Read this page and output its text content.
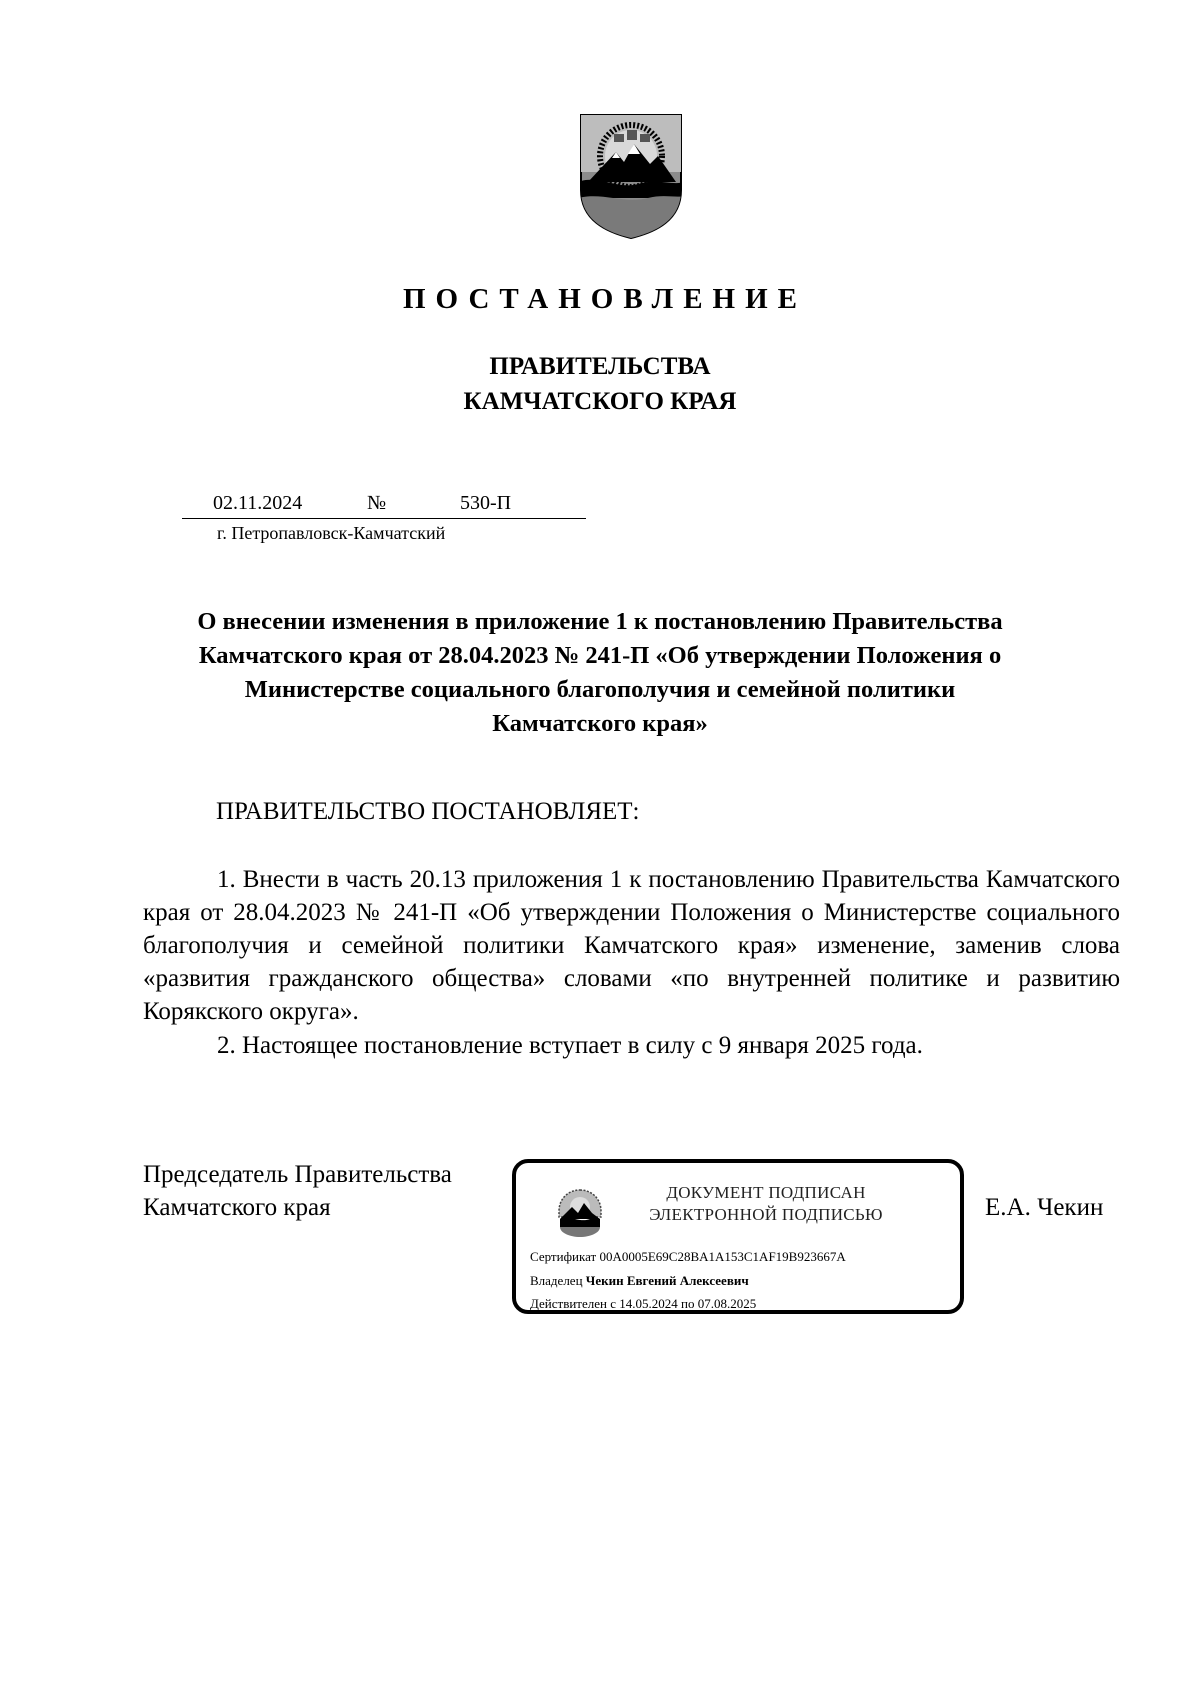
ПОСТАНОВЛЕНИЕ
ПРАВИТЕЛЬСТВА
КАМЧАТСКОГО КРАЯ
02.11.2024	№	530-П
г. Петропавловск-Камчатский
О внесении изменения в приложение 1 к постановлению Правительства
Камчатского края от 28.04.2023 № 241-П «Об утверждении Положения о
Министерстве социального благополучия и семейной политики
Камчатского края»
ПРАВИТЕЛЬСТВО ПОСТАНОВЛЯЕТ:
1. Внести в часть 20.13 приложения 1 к постановлению Правительства Камчатского края от 28.04.2023 № 241-П «Об утверждении Положения о Министерстве социального благополучия и семейной политики Камчатского края» изменение, заменив слова «развития гражданского общества» словами «по внутренней политике и развитию Корякского округа».
2. Настоящее постановление вступает в силу с 9 января 2025 года.
Председатель Правительства
Камчатского края
ДОКУМЕНТ ПОДПИСАН
ЭЛЕКТРОННОЙ ПОДПИСЬЮ
Сертификат 00A0005E69C28BA1A153C1AF19B923667A
Владелец Чекин Евгений Алексеевич
Действителен с 14.05.2024 по 07.08.2025
Е.А. Чекин
